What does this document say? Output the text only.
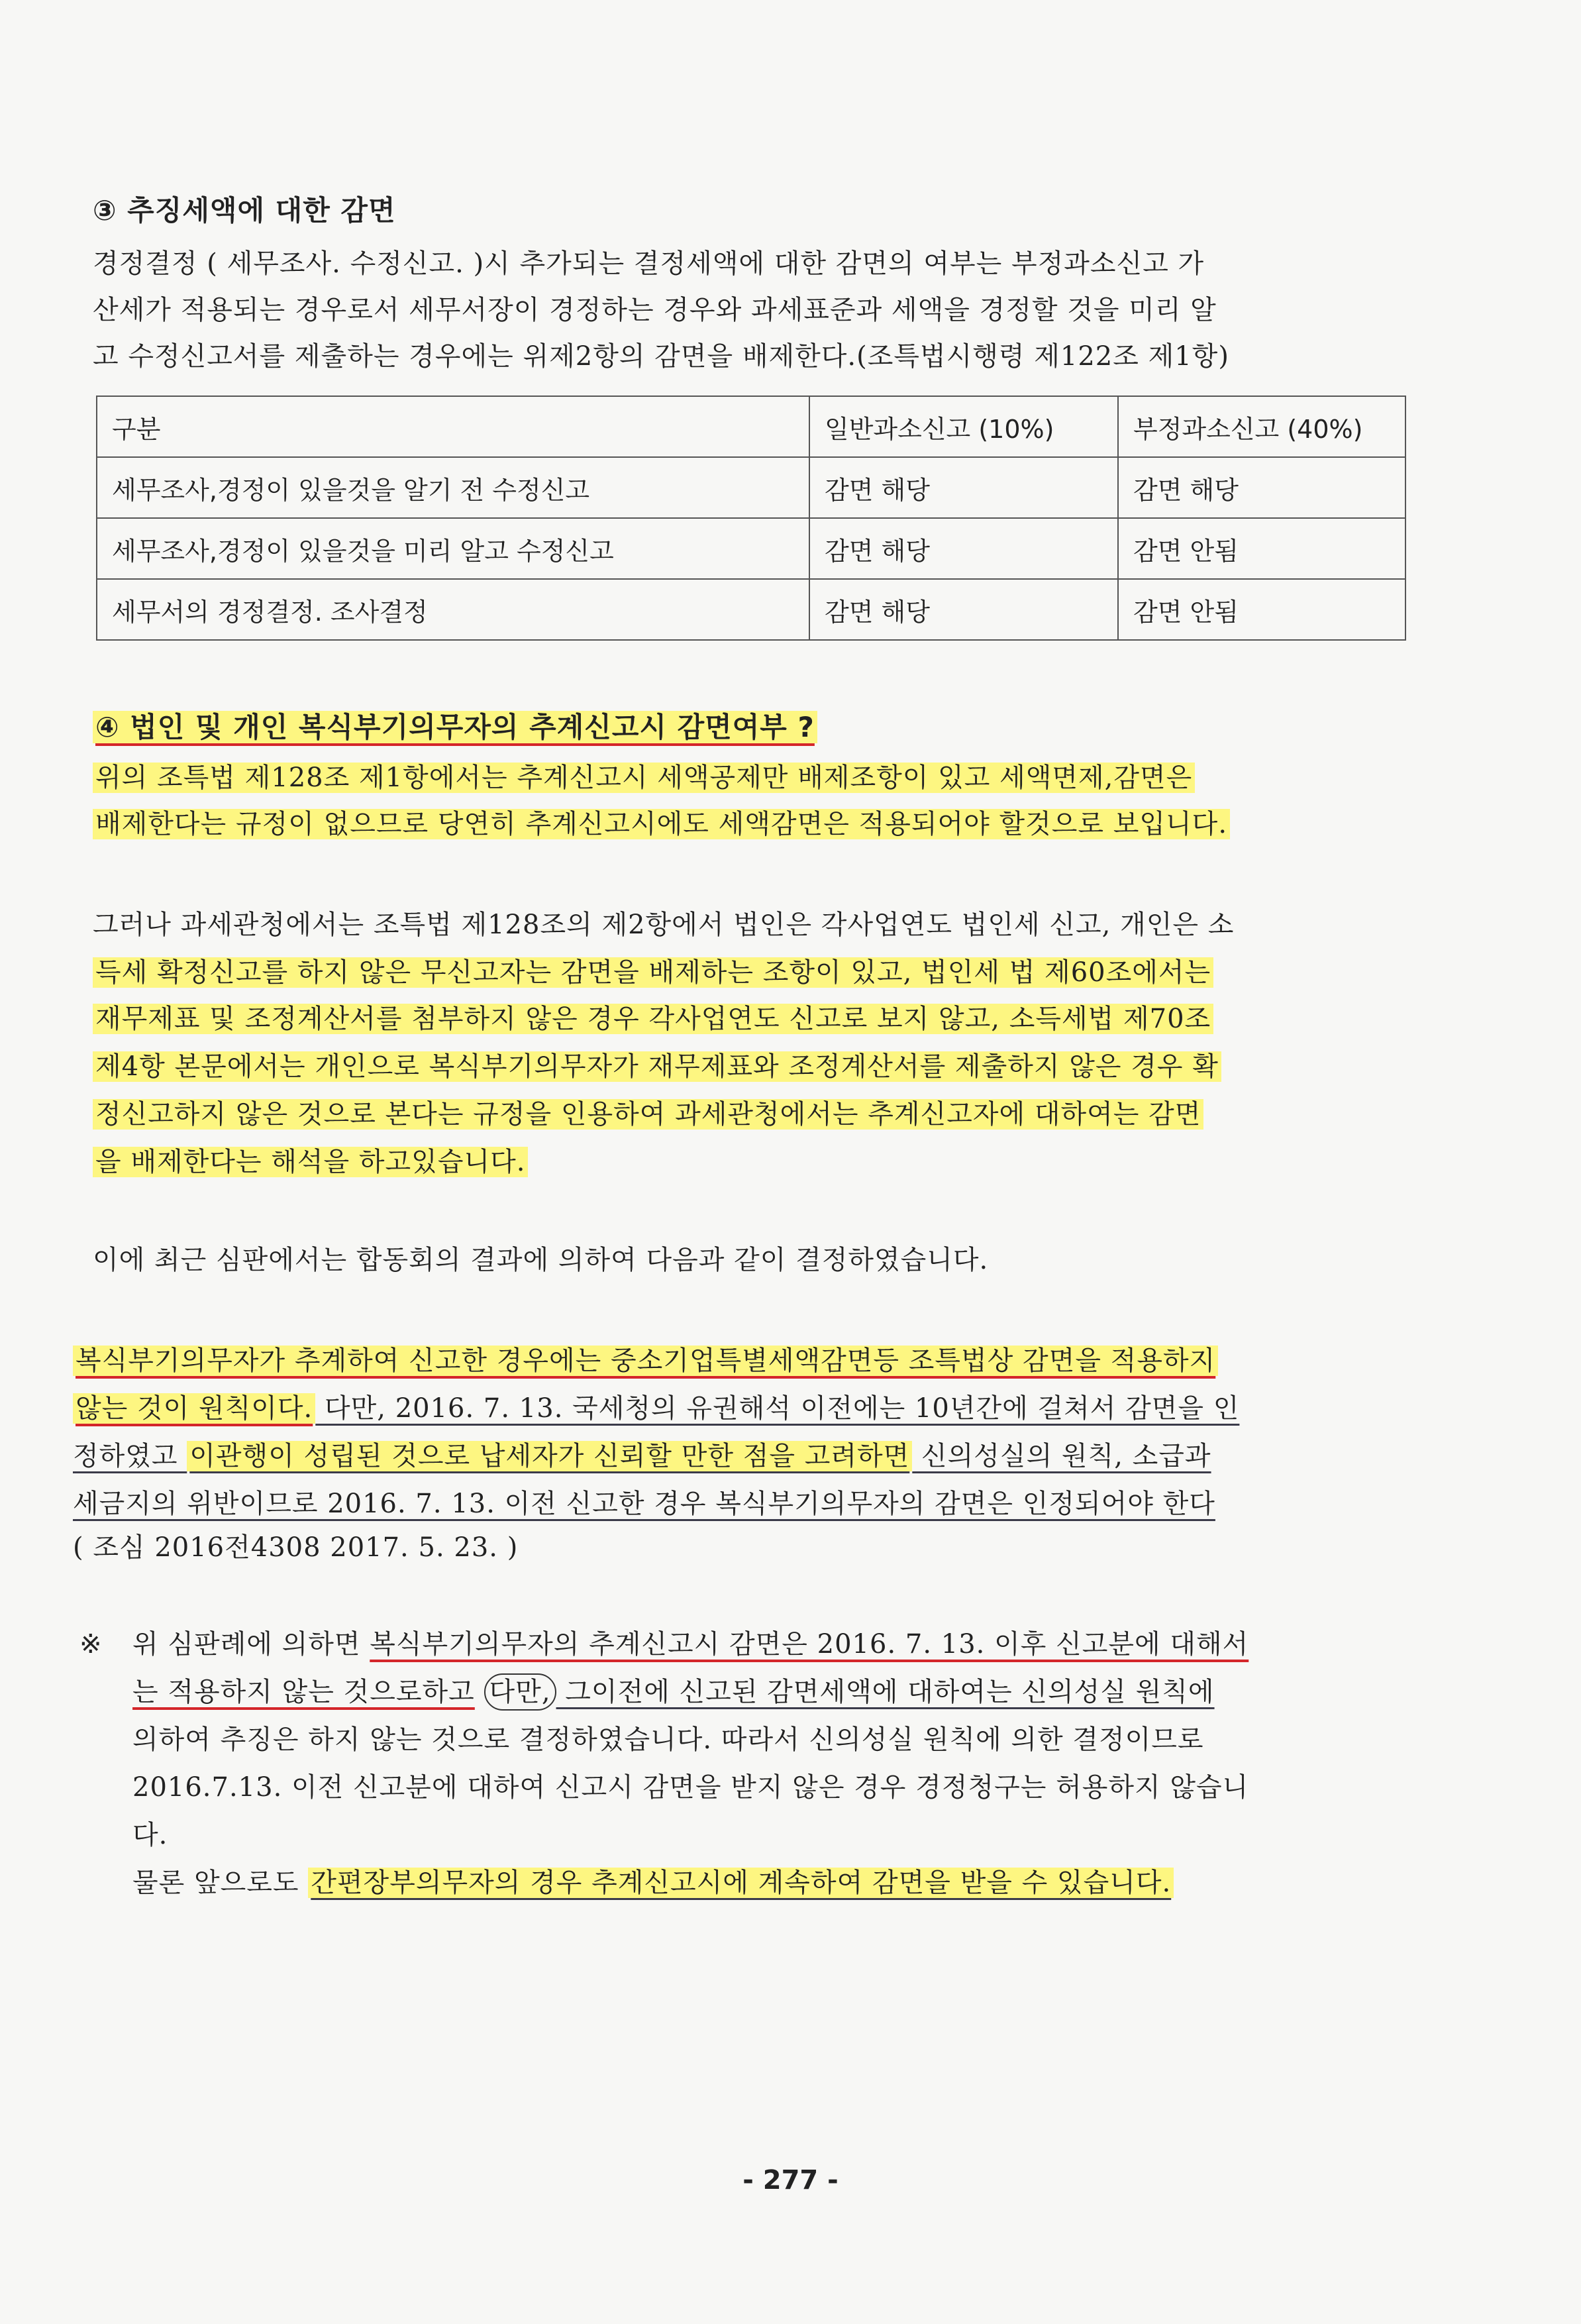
③ 추징세액에 대한 감면
경정결정 ( 세무조사. 수정신고. )시 추가되는 결정세액에 대한 감면의 여부는 부정과소신고 가
산세가 적용되는 경우로서 세무서장이 경정하는 경우와 과세표준과 세액을 경정할 것을 미리 알
고 수정신고서를 제출하는 경우에는 위제2항의 감면을 배제한다.(조특법시행령 제122조 제1항)
구분	일반과소신고 (10%)	부정과소신고 (40%)
세무조사,경정이 있을것을 알기 전 수정신고	감면 해당	감면 해당
세무조사,경정이 있을것을 미리 알고 수정신고	감면 해당	감면 안됨
세무서의 경정결정. 조사결정	감면 해당	감면 안됨
④ 법인 및 개인 복식부기의무자의 추계신고시 감면여부 ?
위의 조특법 제128조 제1항에서는 추계신고시 세액공제만 배제조항이 있고 세액면제,감면은
배제한다는 규정이 없으므로 당연히 추계신고시에도 세액감면은 적용되어야 할것으로 보입니다.
그러나 과세관청에서는 조특법 제128조의 제2항에서 법인은 각사업연도 법인세 신고, 개인은 소
득세 확정신고를 하지 않은 무신고자는 감면을 배제하는 조항이 있고, 법인세 법 제60조에서는
재무제표 및 조정계산서를 첨부하지 않은 경우 각사업연도 신고로 보지 않고, 소득세법 제70조
제4항 본문에서는 개인으로 복식부기의무자가 재무제표와 조정계산서를 제출하지 않은 경우 확
정신고하지 않은 것으로 본다는 규정을 인용하여 과세관청에서는 추계신고자에 대하여는 감면
을 배제한다는 해석을 하고있습니다.
이에 최근 심판에서는 합동회의 결과에 의하여 다음과 같이 결정하였습니다.
복식부기의무자가 추계하여 신고한 경우에는 중소기업특별세액감면등 조특법상 감면을 적용하지
않는 것이 원칙이다. 다만, 2016. 7. 13. 국세청의 유권해석 이전에는 10년간에 걸쳐서 감면을 인
정하였고 이관행이 성립된 것으로 납세자가 신뢰할 만한 점을 고려하면 신의성실의 원칙, 소급과
세금지의 위반이므로 2016. 7. 13. 이전 신고한 경우 복식부기의무자의 감면은 인정되어야 한다
( 조심 2016전4308 2017. 5. 23. )
※ 위 심판례에 의하면 복식부기의무자의 추계신고시 감면은 2016. 7. 13. 이후 신고분에 대해서
는 적용하지 않는 것으로하고 다만, 그이전에 신고된 감면세액에 대하여는 신의성실 원칙에
의하여 추징은 하지 않는 것으로 결정하였습니다. 따라서 신의성실 원칙에 의한 결정이므로
2016.7.13. 이전 신고분에 대하여 신고시 감면을 받지 않은 경우 경정청구는 허용하지 않습니
다.
물론 앞으로도 간편장부의무자의 경우 추계신고시에 계속하여 감면을 받을 수 있습니다.
- 277 -
